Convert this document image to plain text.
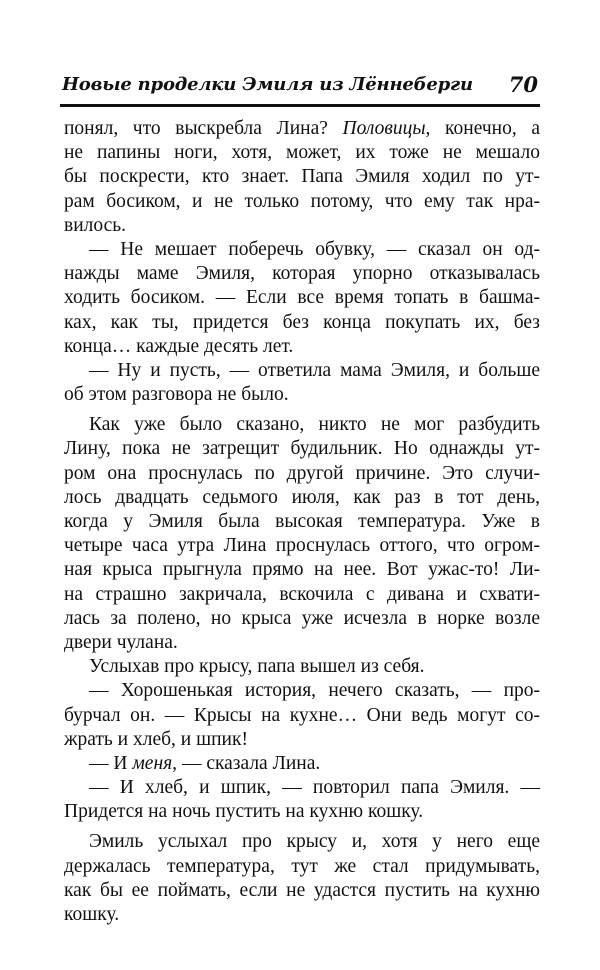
Новые проделки Эмиля из Лённеберги 70
понял, что выскребла Лина? Половицы, конечно, а
не папины ноги, хотя, может, их тоже не мешало
бы поскрести, кто знает. Папа Эмиля ходил по ут-
рам босиком, и не только потому, что ему так нра-
вилось.
— Не мешает поберечь обувку, — сказал он од-
нажды маме Эмиля, которая упорно отказывалась
ходить босиком. — Если все время топать в башма-
ках, как ты, придется без конца покупать их, без
конца… каждые десять лет.
— Ну и пусть, — ответила мама Эмиля, и больше
об этом разговора не было.
Как уже было сказано, никто не мог разбудить
Лину, пока не затрещит будильник. Но однажды ут-
ром она проснулась по другой причине. Это случи-
лось двадцать седьмого июля, как раз в тот день,
когда у Эмиля была высокая температура. Уже в
четыре часа утра Лина проснулась оттого, что огром-
ная крыса прыгнула прямо на нее. Вот ужас-то! Ли-
на страшно закричала, вскочила с дивана и схвати-
лась за полено, но крыса уже исчезла в норке возле
двери чулана.
Услыхав про крысу, папа вышел из себя.
— Хорошенькая история, нечего сказать, — про-
бурчал он. — Крысы на кухне… Они ведь могут со-
жрать и хлеб, и шпик!
— И меня, — сказала Лина.
— И хлеб, и шпик, — повторил папа Эмиля. —
Придется на ночь пустить на кухню кошку.
Эмиль услыхал про крысу и, хотя у него еще
держалась температура, тут же стал придумывать,
как бы ее поймать, если не удастся пустить на кухню
кошку.
